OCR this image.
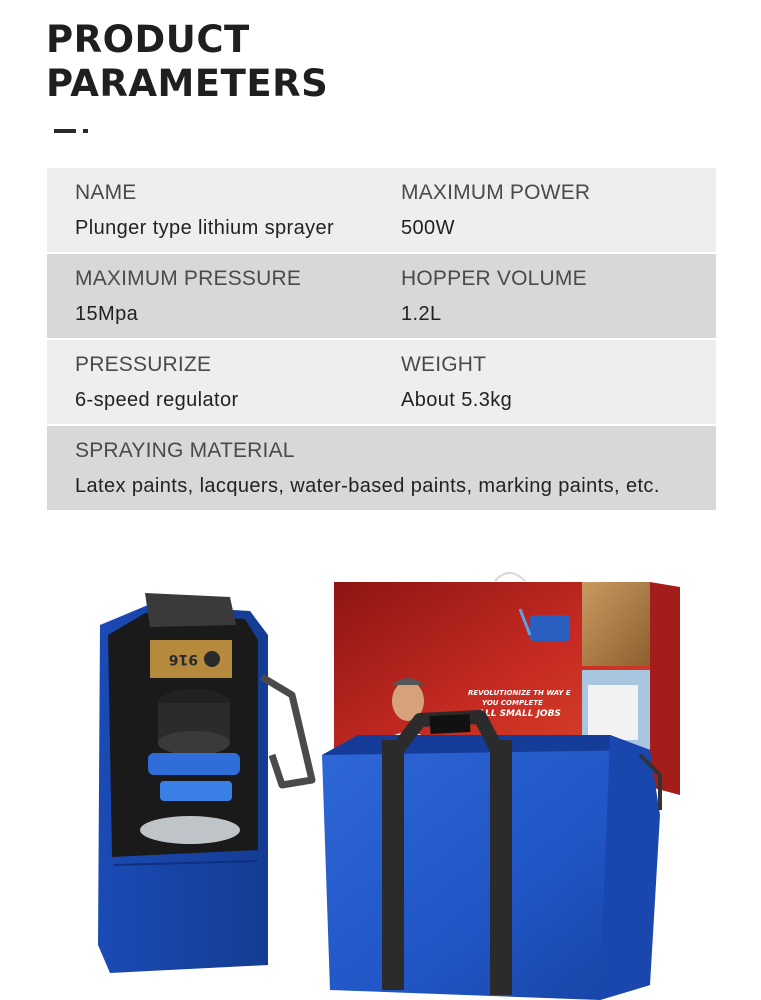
PRODUCT
PARAMETERS
NAME
Plunger type lithium sprayer
MAXIMUM POWER
500W
MAXIMUM PRESSURE
15Mpa
HOPPER VOLUME
1.2L
PRESSURIZE
6-speed regulator
WEIGHT
About 5.3kg
SPRAYING MATERIAL
Latex paints, lacquers, water-based paints, marking paints, etc.
REVOLUTIONIZE TH WAY E
YOU COMPLETE
ALL SMALL JOBS
916
